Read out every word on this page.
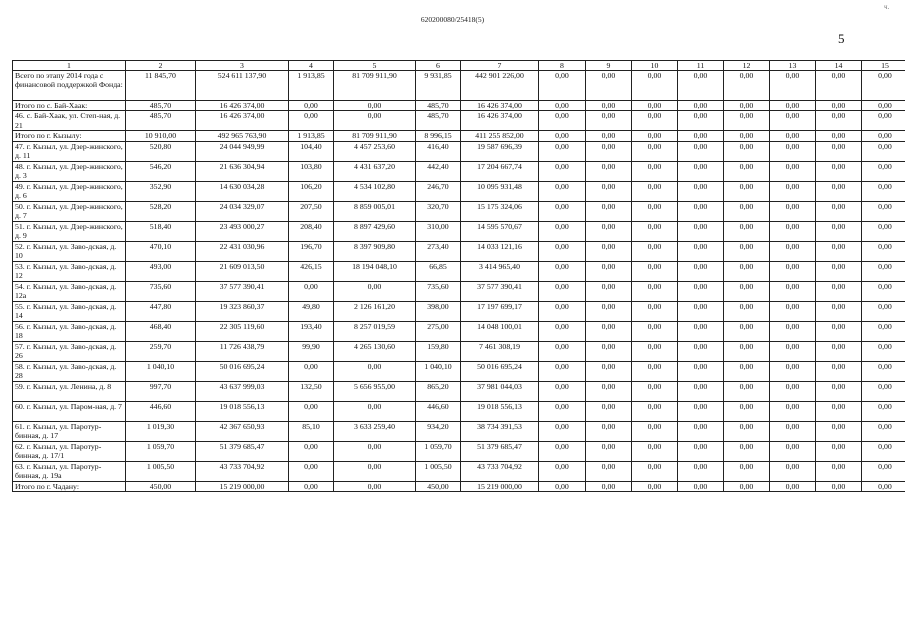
ч.
620200080/25418(5)
5
1	2	3	4	5	6	7	8	9	10	11	12	13	14	15
Всего по этапу 2014 года с финансовой поддержкой Фонда:	11 845,70	524 611 137,90	1 913,85	81 709 911,90	9 931,85	442 901 226,00	0,00	0,00	0,00	0,00	0,00	0,00	0,00	0,00
Итого по с. Бай-Хаак:	485,70	16 426 374,00	0,00	0,00	485,70	16 426 374,00	0,00	0,00	0,00	0,00	0,00	0,00	0,00	0,00
46. с. Бай-Хаак, ул. Степ-ная, д. 21	485,70	16 426 374,00	0,00	0,00	485,70	16 426 374,00	0,00	0,00	0,00	0,00	0,00	0,00	0,00	0,00
Итого по г. Кызылу:	10 910,00	492 965 763,90	1 913,85	81 709 911,90	8 996,15	411 255 852,00	0,00	0,00	0,00	0,00	0,00	0,00	0,00	0,00
47. г. Кызыл, ул. Дзер-жинского, д. 11	520,80	24 044 949,99	104,40	4 457 253,60	416,40	19 587 696,39	0,00	0,00	0,00	0,00	0,00	0,00	0,00	0,00
48. г. Кызыл, ул. Дзер-жинского, д. 3	546,20	21 636 304,94	103,80	4 431 637,20	442,40	17 204 667,74	0,00	0,00	0,00	0,00	0,00	0,00	0,00	0,00
49. г. Кызыл, ул. Дзер-жинского, д. 6	352,90	14 630 034,28	106,20	4 534 102,80	246,70	10 095 931,48	0,00	0,00	0,00	0,00	0,00	0,00	0,00	0,00
50. г. Кызыл, ул. Дзер-жинского, д. 7	528,20	24 034 329,07	207,50	8 859 005,01	320,70	15 175 324,06	0,00	0,00	0,00	0,00	0,00	0,00	0,00	0,00
51. г. Кызыл, ул. Дзер-жинского, д. 9	518,40	23 493 000,27	208,40	8 897 429,60	310,00	14 595 570,67	0,00	0,00	0,00	0,00	0,00	0,00	0,00	0,00
52. г. Кызыл, ул. Заво-дская, д. 10	470,10	22 431 030,96	196,70	8 397 909,80	273,40	14 033 121,16	0,00	0,00	0,00	0,00	0,00	0,00	0,00	0,00
53. г. Кызыл, ул. Заво-дская, д. 12	493,00	21 609 013,50	426,15	18 194 048,10	66,85	3 414 965,40	0,00	0,00	0,00	0,00	0,00	0,00	0,00	0,00
54. г. Кызыл, ул. Заво-дская, д. 12а	735,60	37 577 390,41	0,00	0,00	735,60	37 577 390,41	0,00	0,00	0,00	0,00	0,00	0,00	0,00	0,00
55. г. Кызыл, ул. Заво-дская, д. 14	447,80	19 323 860,37	49,80	2 126 161,20	398,00	17 197 699,17	0,00	0,00	0,00	0,00	0,00	0,00	0,00	0,00
56. г. Кызыл, ул. Заво-дская, д. 18	468,40	22 305 119,60	193,40	8 257 019,59	275,00	14 048 100,01	0,00	0,00	0,00	0,00	0,00	0,00	0,00	0,00
57. г. Кызыл, ул. Заво-дская, д. 26	259,70	11 726 438,79	99,90	4 265 130,60	159,80	7 461 308,19	0,00	0,00	0,00	0,00	0,00	0,00	0,00	0,00
58. г. Кызыл, ул. Заво-дская, д. 28	1 040,10	50 016 695,24	0,00	0,00	1 040,10	50 016 695,24	0,00	0,00	0,00	0,00	0,00	0,00	0,00	0,00
59. г. Кызыл, ул. Ленина, д. 8	997,70	43 637 999,03	132,50	5 656 955,00	865,20	37 981 044,03	0,00	0,00	0,00	0,00	0,00	0,00	0,00	0,00
60. г. Кызыл, ул. Паром-ная, д. 7	446,60	19 018 556,13	0,00	0,00	446,60	19 018 556,13	0,00	0,00	0,00	0,00	0,00	0,00	0,00	0,00
61. г. Кызыл, ул. Паротур-бинная, д. 17	1 019,30	42 367 650,93	85,10	3 633 259,40	934,20	38 734 391,53	0,00	0,00	0,00	0,00	0,00	0,00	0,00	0,00
62. г. Кызыл, ул. Паротур-бинная, д. 17/1	1 059,70	51 379 685,47	0,00	0,00	1 059,70	51 379 685,47	0,00	0,00	0,00	0,00	0,00	0,00	0,00	0,00
63. г. Кызыл, ул. Паротур-бинная, д. 19а	1 005,50	43 733 704,92	0,00	0,00	1 005,50	43 733 704,92	0,00	0,00	0,00	0,00	0,00	0,00	0,00	0,00
Итого по г. Чадану:	450,00	15 219 000,00	0,00	0,00	450,00	15 219 000,00	0,00	0,00	0,00	0,00	0,00	0,00	0,00	0,00
